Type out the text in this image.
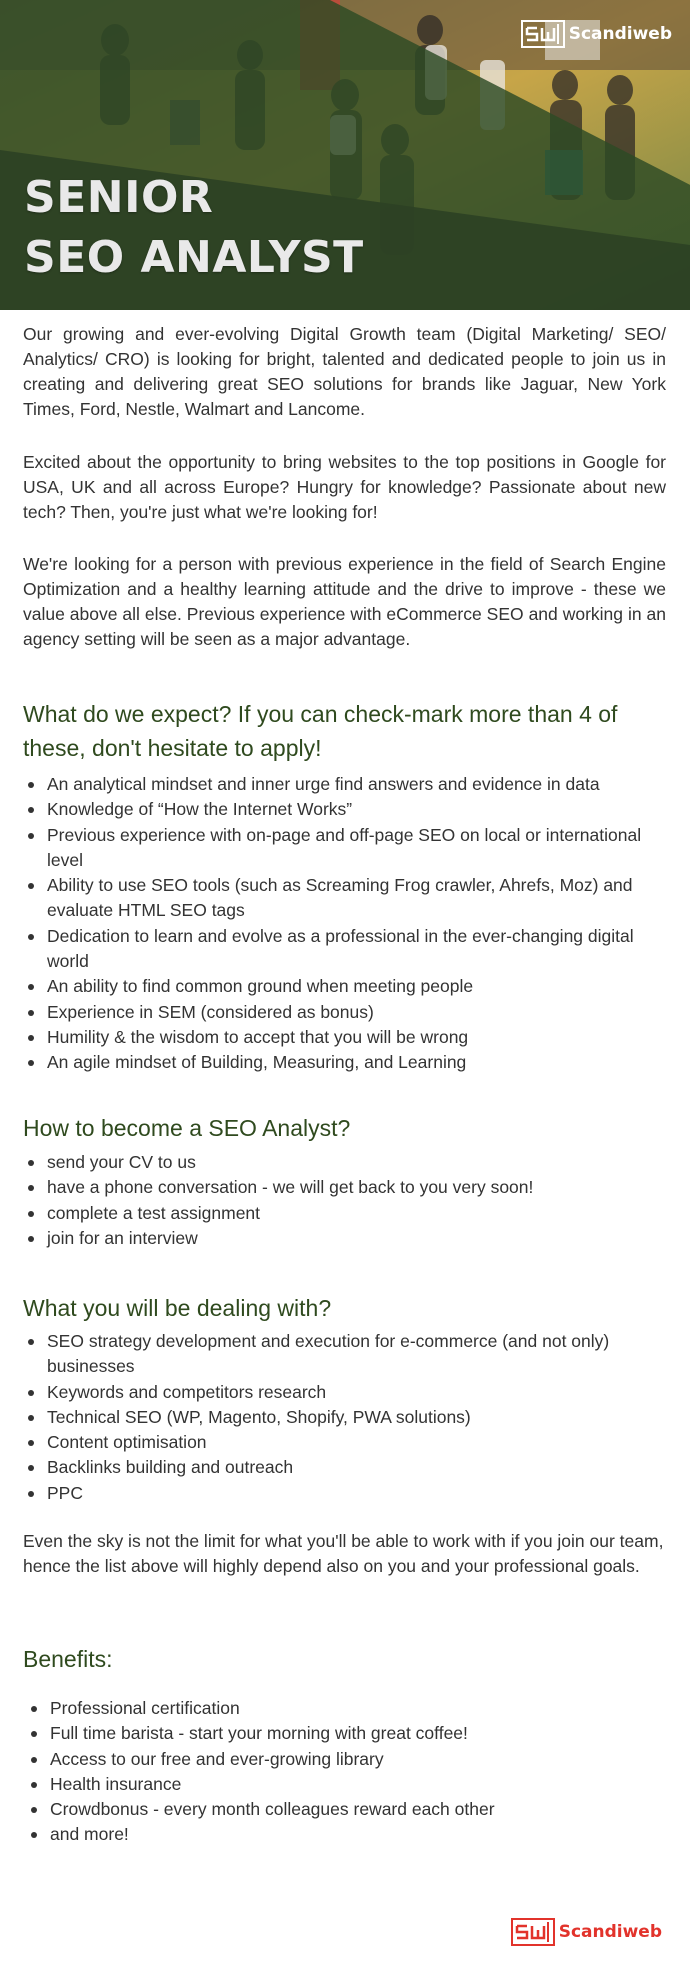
Scandiweb
SENIOR
SEO ANALYST

Our growing and ever-evolving Digital Growth team (Digital Marketing/ SEO/ Analytics/ CRO) is looking for bright, talented and dedicated people to join us in creating and delivering great SEO solutions for brands like Jaguar, New York Times, Ford, Nestle, Walmart and Lancome.

Excited about the opportunity to bring websites to the top positions in Google for USA, UK and all across Europe? Hungry for knowledge? Passionate about new tech? Then, you're just what we're looking for!

We're looking for a person with previous experience in the field of Search Engine Optimization and a healthy learning attitude and the drive to improve - these we value above all else. Previous experience with eCommerce SEO and working in an agency setting will be seen as a major advantage.

What do we expect? If you can check-mark more than 4 of these, don't hesitate to apply!
An analytical mindset and inner urge find answers and evidence in data
Knowledge of “How the Internet Works”
Previous experience with on-page and off-page SEO on local or international level
Ability to use SEO tools (such as Screaming Frog crawler, Ahrefs, Moz) and evaluate HTML SEO tags
Dedication to learn and evolve as a professional in the ever-changing digital world
An ability to find common ground when meeting people
Experience in SEM (considered as bonus)
Humility & the wisdom to accept that you will be wrong
An agile mindset of Building, Measuring, and Learning
How to become a SEO Analyst?
send your CV to us
have a phone conversation - we will get back to you very soon!
complete a test assignment
join for an interview
What you will be dealing with?
SEO strategy development and execution for e-commerce (and not only) businesses
Keywords and competitors research
Technical SEO (WP, Magento, Shopify, PWA solutions)
Content optimisation
Backlinks building and outreach
PPC

Even the sky is not the limit for what you'll be able to work with if you join our team, hence the list above will highly depend also on you and your professional goals.

Benefits:
Professional certification
Full time barista - start your morning with great coffee!
Access to our free and ever-growing library
Health insurance
Crowdbonus - every month colleagues reward each other
and more!
Scandiweb
